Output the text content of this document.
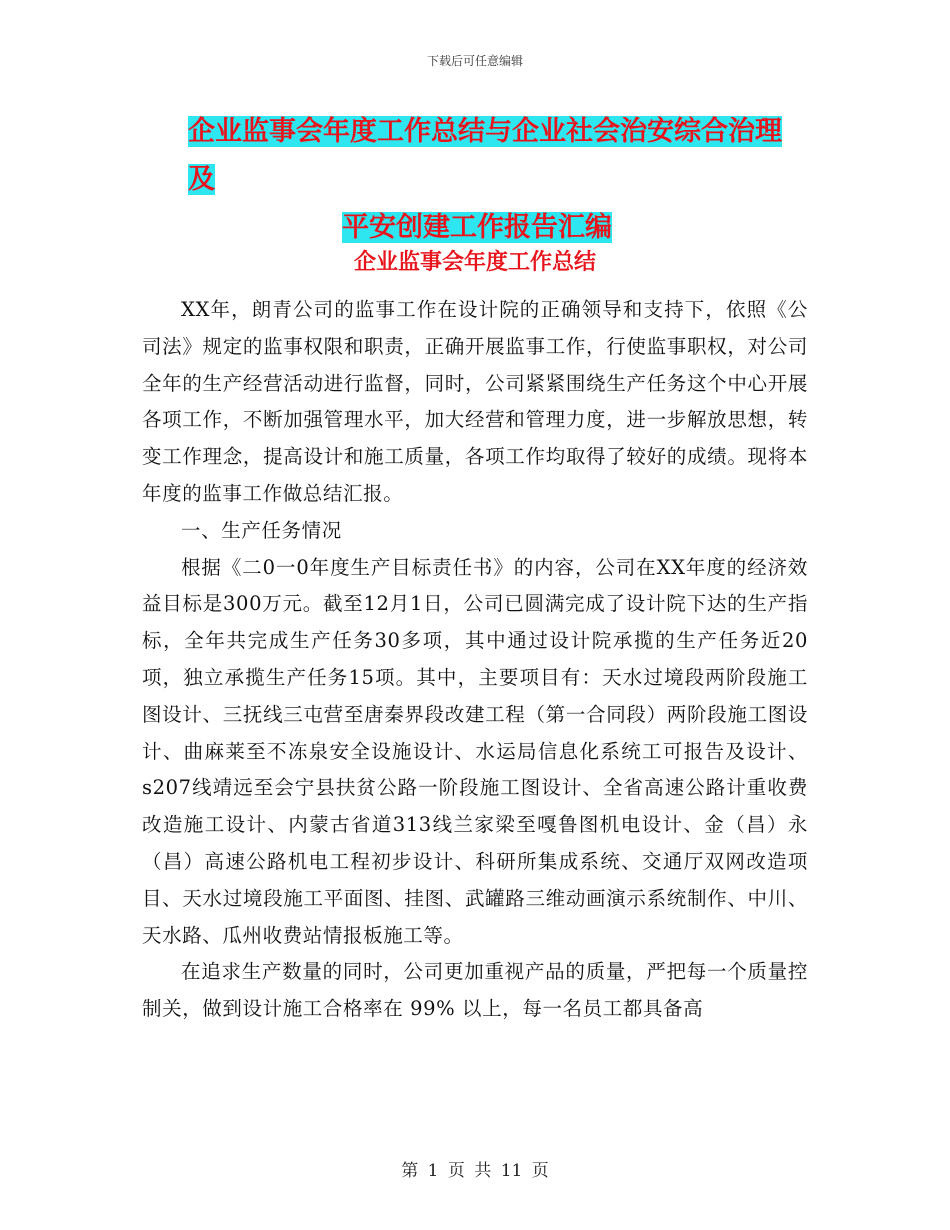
下载后可任意编辑
企业监事会年度工作总结与企业社会治安综合治理及
平安创建工作报告汇编
企业监事会年度工作总结

XX年，朗青公司的监事工作在设计院的正确领导和支持下，依照《公司法》规定的监事权限和职责，正确开展监事工作，行使监事职权，对公司全年的生产经营活动进行监督，同时，公司紧紧围绕生产任务这个中心开展各项工作，不断加强管理水平，加大经营和管理力度，进一步解放思想，转变工作理念，提高设计和施工质量，各项工作均取得了较好的成绩。现将本年度的监事工作做总结汇报。

一、生产任务情况

根据《二0一0年度生产目标责任书》的内容，公司在XX年度的经济效益目标是300万元。截至12月1日，公司已圆满完成了设计院下达的生产指标，全年共完成生产任务30多项，其中通过设计院承揽的生产任务近20项，独立承揽生产任务15项。其中，主要项目有：天水过境段两阶段施工图设计、三抚线三屯营至唐秦界段改建工程（第一合同段）两阶段施工图设计、曲麻莱至不冻泉安全设施设计、水运局信息化系统工可报告及设计、s207线靖远至会宁县扶贫公路一阶段施工图设计、全省高速公路计重收费改造施工设计、内蒙古省道313线兰家梁至嘎鲁图机电设计、金（昌）永（昌）高速公路机电工程初步设计、科研所集成系统、交通厅双网改造项目、天水过境段施工平面图、挂图、武罐路三维动画演示系统制作、中川、天水路、瓜州收费站情报板施工等。

在追求生产数量的同时，公司更加重视产品的质量，严把每一个质量控制关，做到设计施工合格率在 99% 以上，每一名员工都具备高

第 1 页 共 11 页
